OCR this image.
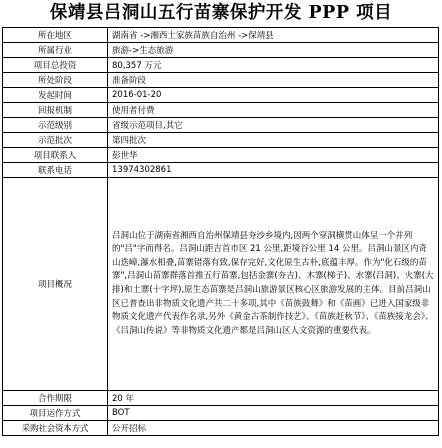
保靖县吕洞山五行苗寨保护开发 PPP 项目
所在地区	湖南省 ->湘西土家族苗族自治州 ->保靖县
所属行业	旅游->生态旅游
项目总投资	80,357 万元
所处阶段	准备阶段
发起时间	2016-01-20
回报机制	使用者付费
示范级别	省级示范项目,其它
示范批次	第四批次
项目联系人	彭世华
联系电话	13974302861
项目概况	吕洞山位于湖南省湘西自治州保靖县夯沙乡境内,因两个穿洞横贯山体呈一个并列的"吕"字而得名。吕洞山距吉首市区 21 公里,距境谷公里 14 公里。吕洞山景区内奇山迭嶂,瀑水相叠,苗寨错落有致,保存完好,文化原生古朴,底蕴丰厚。作为"化石级的苗寨",吕洞山苗寨群落首推五行苗寨,包括金寨(夯吉)、木寨(梯子)、水寨(吕洞)、火寨(大排)和土寨(十字坪),原生态苗寨是吕洞山旅游景区核心区旅游发展的主体。目前吕洞山区已普查出非物质文化遗产共二十多项,其中《苗族鼓舞》和《苗画》已进入国家级非物质文化遗产代表作名录,另外《黄金古茶制作技艺》、《苗族赶秋节》、《苗族接龙会》、《吕洞山传说》等非物质文化遗产都是吕洞山区人文资源的重要代表。
合作期限	20 年
项目运作方式	BOT
采购社会资本方式	公开招标
